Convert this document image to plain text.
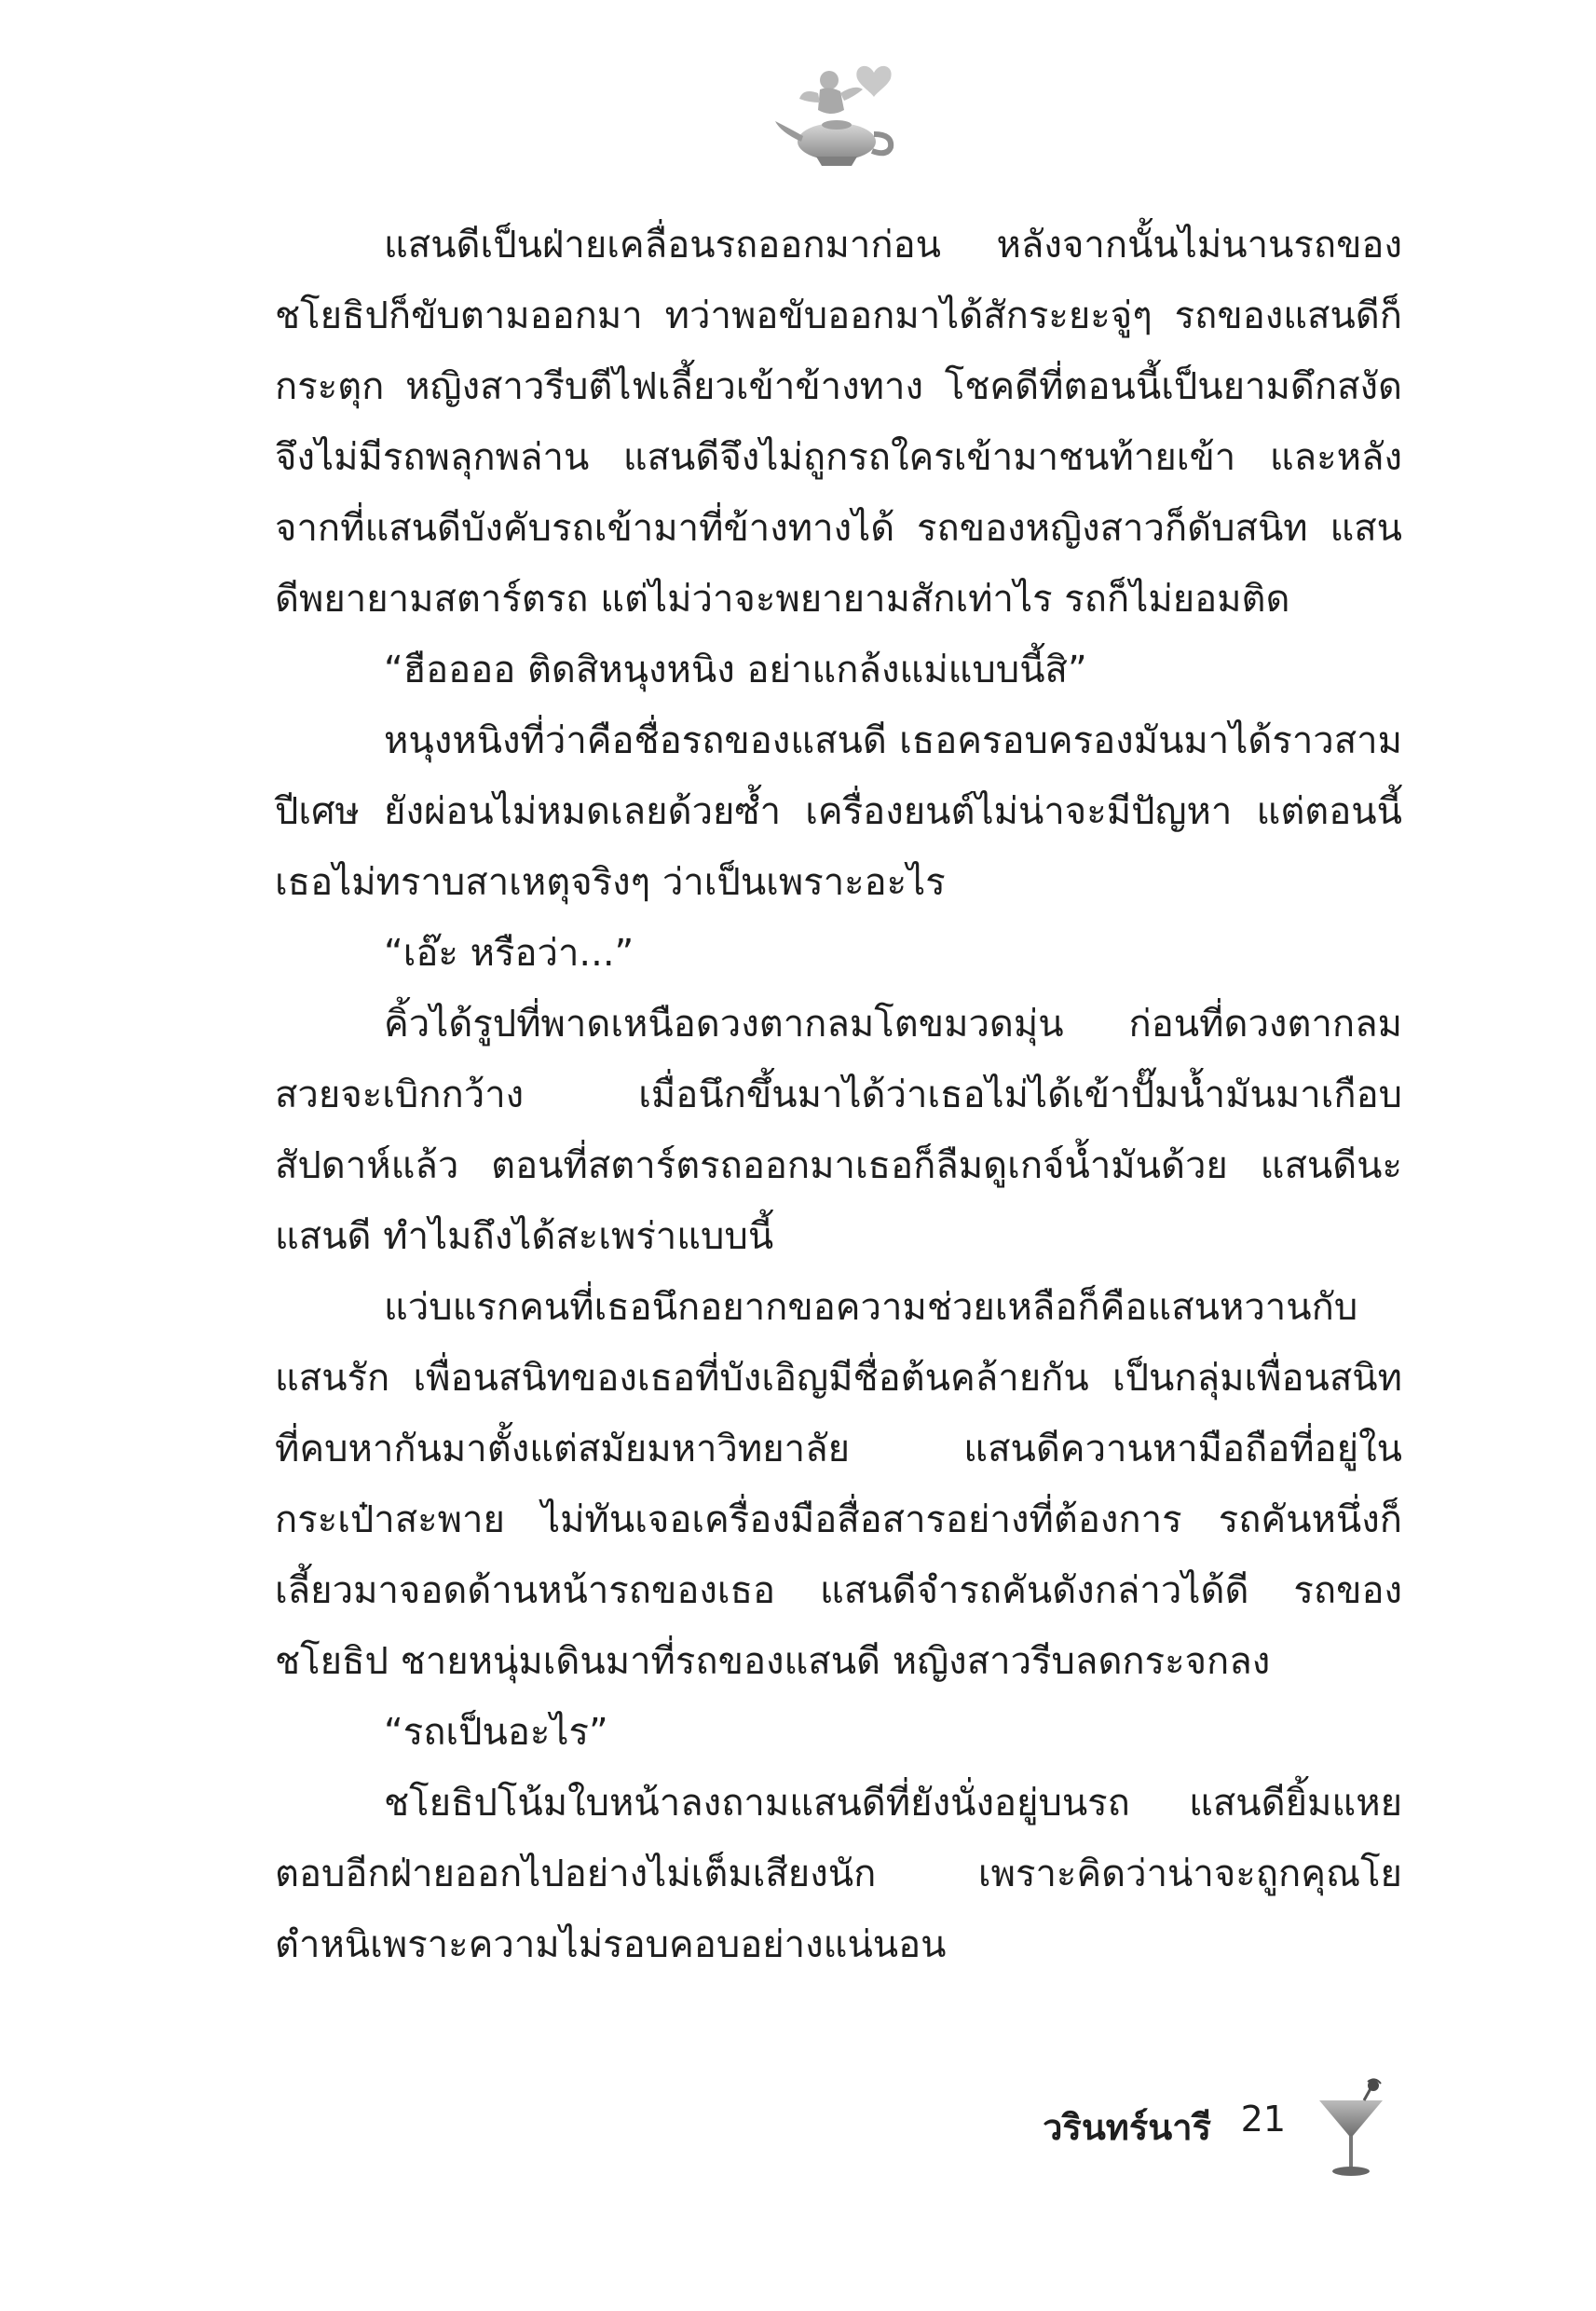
แสนดีเป็นฝ่ายเคลื่อนรถออกมาก่อน หลังจากนั้นไม่นานรถของชโยธิปก็ขับตามออกมา ทว่าพอขับออกมาได้สักระยะจู่ๆ รถของแสนดีก็กระตุก หญิงสาวรีบตีไฟเลี้ยวเข้าข้างทาง โชคดีที่ตอนนี้เป็นยามดึกสงัดจึงไม่มีรถพลุกพล่าน แสนดีจึงไม่ถูกรถใครเข้ามาชนท้ายเข้า และหลังจากที่แสนดีบังคับรถเข้ามาที่ข้างทางได้ รถของหญิงสาวก็ดับสนิท แสนดีพยายามสตาร์ตรถ แต่ไม่ว่าจะพยายามสักเท่าไร รถก็ไม่ยอมติด

“ฮืออออ ติดสิหนุงหนิง อย่าแกล้งแม่แบบนี้สิ”

หนุงหนิงที่ว่าคือชื่อรถของแสนดี เธอครอบครองมันมาได้ราวสามปีเศษ ยังผ่อนไม่หมดเลยด้วยซ้ำ เครื่องยนต์ไม่น่าจะมีปัญหา แต่ตอนนี้เธอไม่ทราบสาเหตุจริงๆ ว่าเป็นเพราะอะไร

“เอ๊ะ หรือว่า...”

คิ้วได้รูปที่พาดเหนือดวงตากลมโตขมวดมุ่น ก่อนที่ดวงตากลมสวยจะเบิกกว้าง เมื่อนึกขึ้นมาได้ว่าเธอไม่ได้เข้าปั๊มน้ำมันมาเกือบสัปดาห์แล้ว ตอนที่สตาร์ตรถออกมาเธอก็ลืมดูเกจ์น้ำมันด้วย แสนดีนะแสนดี ทำไมถึงได้สะเพร่าแบบนี้

แว่บแรกคนที่เธอนึกอยากขอความช่วยเหลือก็คือแสนหวานกับแสนรัก เพื่อนสนิทของเธอที่บังเอิญมีชื่อต้นคล้ายกัน เป็นกลุ่มเพื่อนสนิทที่คบหากันมาตั้งแต่สมัยมหาวิทยาลัย แสนดีควานหามือถือที่อยู่ในกระเป๋าสะพาย ไม่ทันเจอเครื่องมือสื่อสารอย่างที่ต้องการ รถคันหนึ่งก็เลี้ยวมาจอดด้านหน้ารถของเธอ แสนดีจำรถคันดังกล่าวได้ดี รถของชโยธิป ชายหนุ่มเดินมาที่รถของแสนดี หญิงสาวรีบลดกระจกลง

“รถเป็นอะไร”

ชโยธิปโน้มใบหน้าลงถามแสนดีที่ยังนั่งอยู่บนรถ แสนดียิ้มแหยตอบอีกฝ่ายออกไปอย่างไม่เต็มเสียงนัก เพราะคิดว่าน่าจะถูกคุณโยตำหนิเพราะความไม่รอบคอบอย่างแน่นอน

วรินทร์นารี 21
